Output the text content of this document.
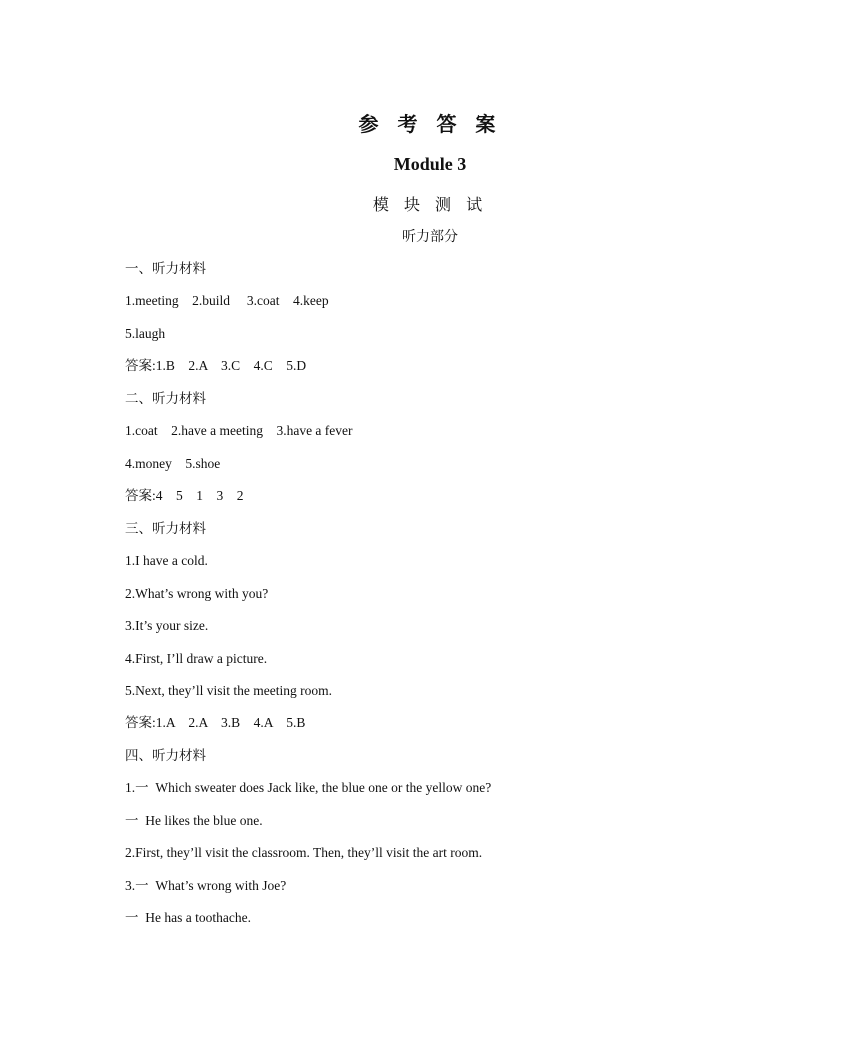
参 考 答 案
Module 3
模 块 测 试
听力部分
一、听力材料
1.meeting    2.build     3.coat    4.keep
5.laugh
答案:1.B    2.A    3.C    4.C    5.D
二、听力材料
1.coat    2.have a meeting    3.have a fever
4.money    5.shoe
答案:4    5    1    3    2
三、听力材料
1.I have a cold.
2.What’s wrong with you?
3.It’s your size.
4.First, I’ll draw a picture.
5.Next, they’ll visit the meeting room.
答案:1.A    2.A    3.B    4.A    5.B
四、听力材料
1.一  Which sweater does Jack like, the blue one or the yellow one?
一  He likes the blue one.
2.First, they’ll visit the classroom. Then, they’ll visit the art room.
3.一  What’s wrong with Joe?
一  He has a toothache.
